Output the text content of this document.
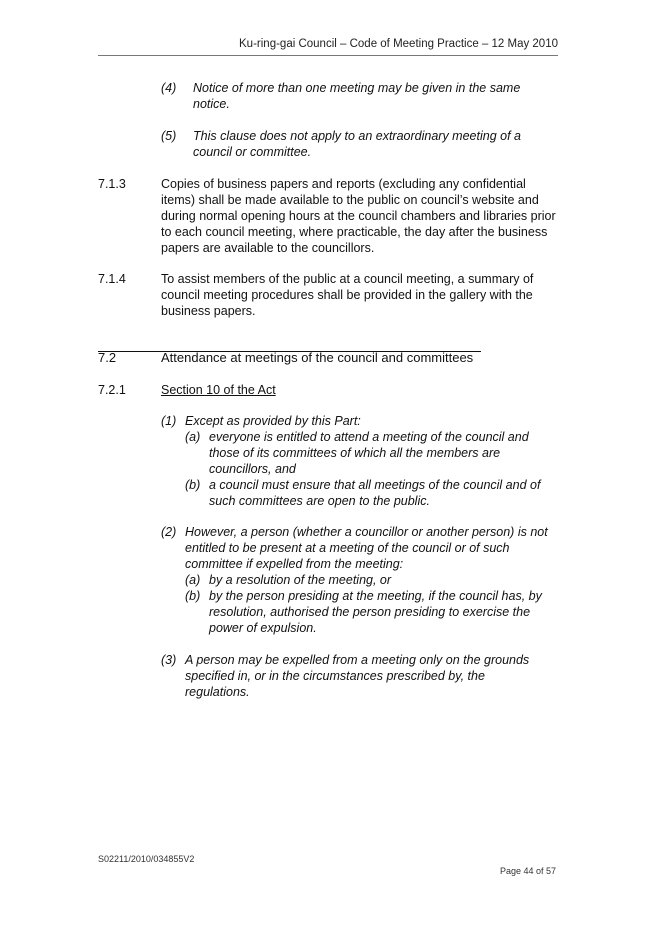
Ku-ring-gai Council – Code of Meeting Practice – 12 May 2010
(4) Notice of more than one meeting may be given in the same notice.
(5) This clause does not apply to an extraordinary meeting of a council or committee.
7.1.3	Copies of business papers and reports (excluding any confidential items) shall be made available to the public on council’s website and during normal opening hours at the council chambers and libraries prior to each council meeting, where practicable, the day after the business papers are available to the councillors.
7.1.4	To assist members of the public at a council meeting, a summary of council meeting procedures shall be provided in the gallery with the business papers.
7.2	Attendance at meetings of the council and committees
7.2.1	Section 10 of the Act
(1) Except as provided by this Part:
(a) everyone is entitled to attend a meeting of the council and those of its committees of which all the members are councillors, and
(b) a council must ensure that all meetings of the council and of such committees are open to the public.
(2) However, a person (whether a councillor or another person) is not entitled to be present at a meeting of the council or of such committee if expelled from the meeting:
(a) by a resolution of the meeting, or
(b) by the person presiding at the meeting, if the council has, by resolution, authorised the person presiding to exercise the power of expulsion.
(3) A person may be expelled from a meeting only on the grounds specified in, or in the circumstances prescribed by, the regulations.
S02211/2010/034855V2
Page 44 of 57
